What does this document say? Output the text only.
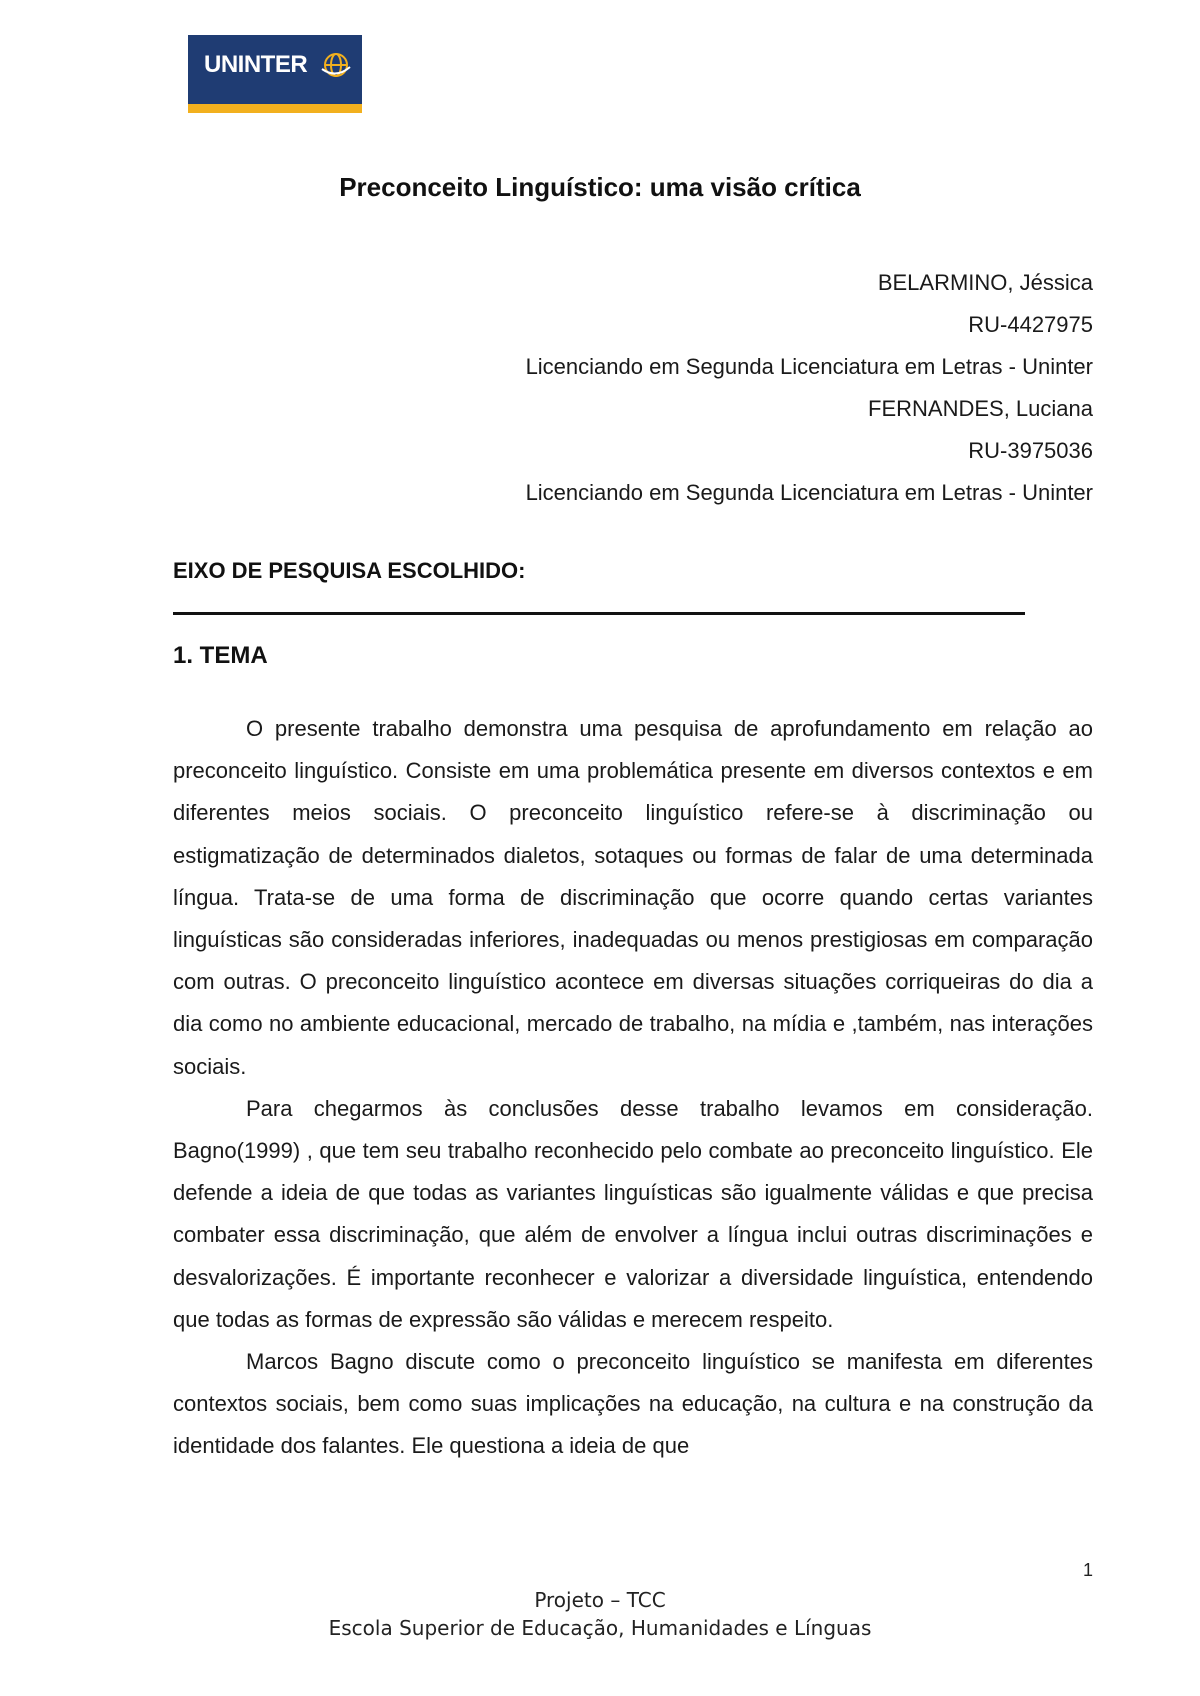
UNINTER
Preconceito Linguístico: uma visão crítica
BELARMINO, Jéssica
RU-4427975
Licenciando em Segunda Licenciatura em Letras - Uninter
FERNANDES, Luciana
RU-3975036
Licenciando em Segunda Licenciatura em Letras - Uninter
EIXO DE PESQUISA ESCOLHIDO:
1. TEMA

O presente trabalho demonstra uma pesquisa de aprofundamento em relação ao preconceito linguístico. Consiste em uma problemática presente em diversos contextos e em diferentes meios sociais. O preconceito linguístico refere-se à discriminação ou estigmatização de determinados dialetos, sotaques ou formas de falar de uma determinada língua. Trata-se de uma forma de discriminação que ocorre quando certas variantes linguísticas são consideradas inferiores, inadequadas ou menos prestigiosas em comparação com outras. O preconceito linguístico acontece em diversas situações corriqueiras do dia a dia como no ambiente educacional, mercado de trabalho, na mídia e ,também, nas interações sociais.

Para chegarmos às conclusões desse trabalho levamos em consideração. Bagno(1999) , que tem seu trabalho reconhecido pelo combate ao preconceito linguístico. Ele defende a ideia de que todas as variantes linguísticas são igualmente válidas e que precisa combater essa discriminação, que além de envolver a língua inclui outras discriminações e desvalorizações. É importante reconhecer e valorizar a diversidade linguística, entendendo que todas as formas de expressão são válidas e merecem respeito.

Marcos Bagno discute como o preconceito linguístico se manifesta em diferentes contextos sociais, bem como suas implicações na educação, na cultura e na construção da identidade dos falantes. Ele questiona a ideia de que

1
Projeto – TCC
Escola Superior de Educação, Humanidades e Línguas
